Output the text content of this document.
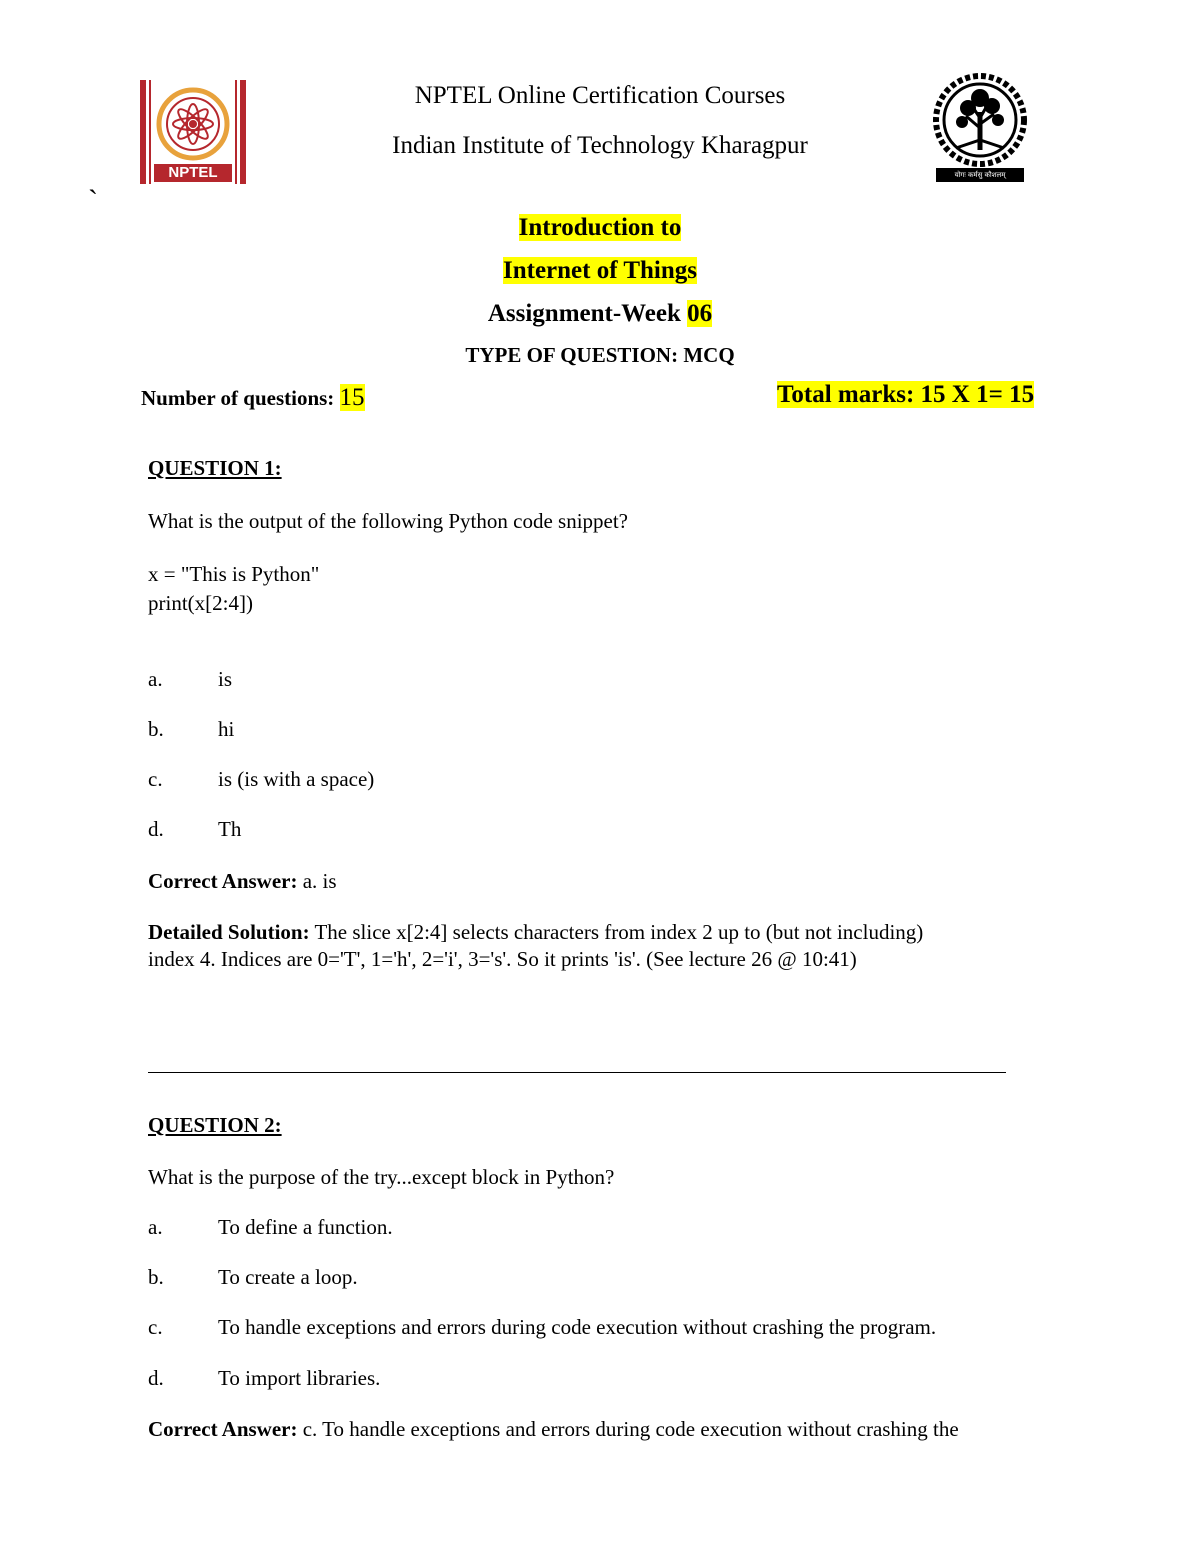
NPTEL
NPTEL Online Certification Courses
Indian Institute of Technology Kharagpur
योगः कर्मसु कौशलम्
`
Introduction to
Internet of Things
Assignment-Week 06
TYPE OF QUESTION: MCQ
Number of questions: 15	Total marks: 15 X 1= 15
QUESTION 1:
What is the output of the following Python code snippet?
x = "This is Python"
print(x[2:4])
a.	is
b.	hi
c.	is (is with a space)
d.	Th
Correct Answer: a. is
Detailed Solution: The slice x[2:4] selects characters from index 2 up to (but not including)
index 4. Indices are 0='T', 1='h', 2='i', 3='s'. So it prints 'is'. (See lecture 26 @ 10:41)
QUESTION 2:
What is the purpose of the try...except block in Python?
a.	To define a function.
b.	To create a loop.
c.	To handle exceptions and errors during code execution without crashing the program.
d.	To import libraries.
Correct Answer: c. To handle exceptions and errors during code execution without crashing the
